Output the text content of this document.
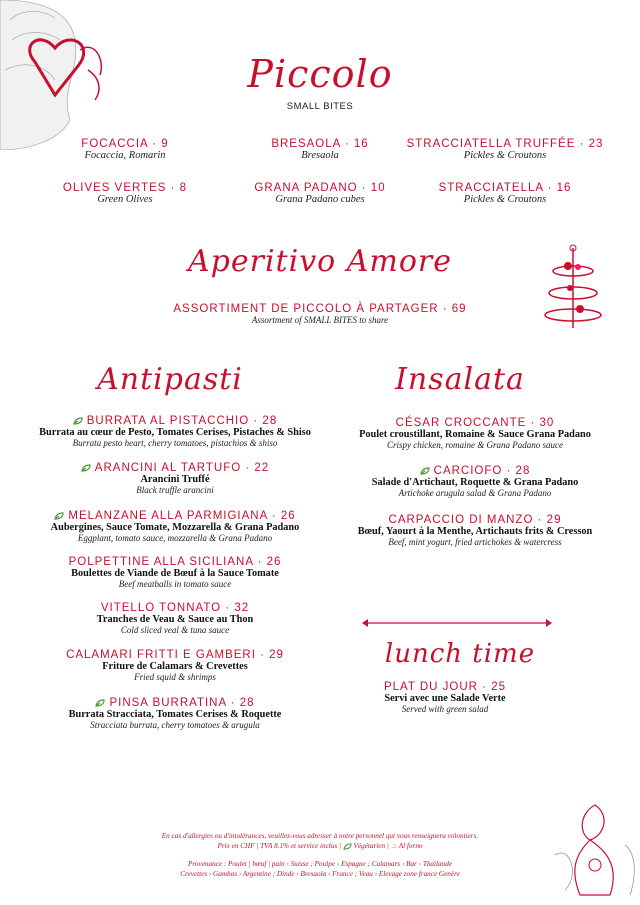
Piccolo
SMALL BITES
FOCACCIA · 9
Focaccia, Romarin
BRESAOLA · 16
Bresaola
STRACCIATELLA TRUFFÉE · 23
Pickles & Croutons
OLIVES VERTES · 8
Green Olives
GRANA PADANO · 10
Grana Padano cubes
STRACCIATELLA · 16
Pickles & Croutons
Aperitivo Amore
ASSORTIMENT DE PICCOLO À PARTAGER · 69
Assortment of SMALL BITES to share
Antipasti
BURRATA AL PISTACCHIO · 28
Burrata au cœur de Pesto, Tomates Cerises, Pistaches & Shiso
Burrata pesto heart, cherry tomatoes, pistachios & shiso
ARANCINI AL TARTUFO · 22
Arancini Truffé
Black truffle arancini
MELANZANE ALLA PARMIGIANA · 26
Aubergines, Sauce Tomate, Mozzarella & Grana Padano
Eggplant, tomato sauce, mozzarella & Grana Padano
POLPETTINE ALLA SICILIANA · 26
Boulettes de Viande de Bœuf à la Sauce Tomate
Beef meatballs in tomato sauce
VITELLO TONNATO · 32
Tranches de Veau & Sauce au Thon
Cold sliced veal & tuna sauce
CALAMARI FRITTI E GAMBERI · 29
Friture de Calamars & Crevettes
Fried squid & shrimps
PINSA BURRATINA · 28
Burrata Stracciata, Tomates Cerises & Roquette
Stracciata burrata, cherry tomatoes & arugula
Insalata
CÉSAR CROCCANTE · 30
Poulet croustillant, Romaine & Sauce Grana Padano
Crispy chicken, romaine & Grana Padano sauce
CARCIOFO · 28
Salade d'Artichaut, Roquette & Grana Padano
Artichoke arugula salad & Grana Padano
CARPACCIO DI MANZO · 29
Bœuf, Yaourt à la Menthe, Artichauts frits & Cresson
Beef, mint yogurt, fried artichokes & watercress
lunch time
PLAT DU JOUR · 25
Servi avec une Salade Verte
Served with green salad
En cas d'allergies ou d'intolérances, veuillez-vous adresser à notre personnel qui vous renseignera volontiers.
Prix en CHF | TVA 8.1% et service inclus | Végétarien | ♨ Al forno
Provenance : Poulet | bœuf | pain › Suisse ; Poulpe › Espagne ; Calamars › Bar › Thaïlande
Crevettes › Gambas › Argentine ; Dinde › Bresaola › France ; Veau › Elevage zone france Genère
